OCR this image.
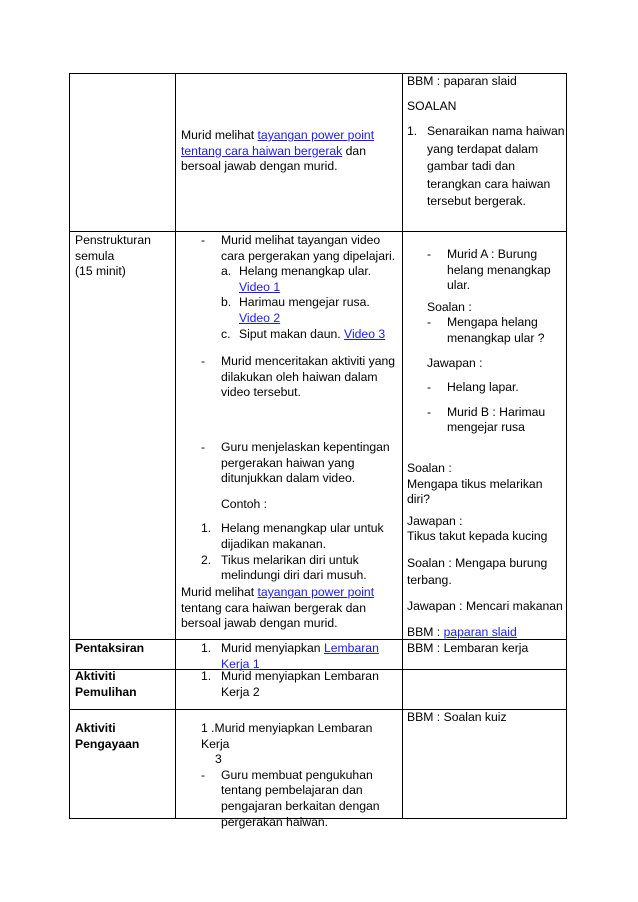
Murid melihat tayangan power point tentang cara haiwan bergerak dan bersoal jawab dengan murid.

BBM : paparan slaid

SOALAN

1. Senaraikan nama haiwan yang terdapat dalam gambar tadi dan terangkan cara haiwan tersebut bergerak.

Penstrukturan

semula

(15 minit)

- Murid melihat tayangan video cara pergerakan yang dipelajari.
a. Helang menangkap ular.
Video 1
b. Harimau mengejar rusa.
Video 2
c. Siput makan daun. Video 3
- Murid menceritakan aktiviti yang dilakukan oleh haiwan dalam video tersebut.
- Guru menjelaskan kepentingan pergerakan haiwan yang ditunjukkan dalam video.

Contoh :

1. Helang menangkap ular untuk dijadikan makanan.
2. Tikus melarikan diri untuk melindungi diri dari musuh.

Murid melihat tayangan power point tentang cara haiwan bergerak dan bersoal jawab dengan murid.

- Murid A : Burung helang menangkap ular.

Soalan :

- Mengapa helang menangkap ular ?

Jawapan :

- Helang lapar.
- Murid B : Harimau mengejar rusa

Soalan :

Mengapa tikus melarikan diri?

Jawapan :

Tikus takut kepada kucing

Soalan : Mengapa burung terbang.

Jawapan : Mencari makanan

BBM : paparan slaid

Pentaksiran	1. Murid menyiapkan Lembaran Kerja 1
BBM : Lembaran kerja

Aktiviti

Pemulihan

1. Murid menyiapkan Lembaran Kerja 2

Aktiviti

Pengayaan

1 .Murid menyiapkan Lembaran Kerja

3

- Guru membuat pengukuhan tentang pembelajaran dan pengajaran berkaitan dengan pergerakan haiwan.
BBM : Soalan kuiz
